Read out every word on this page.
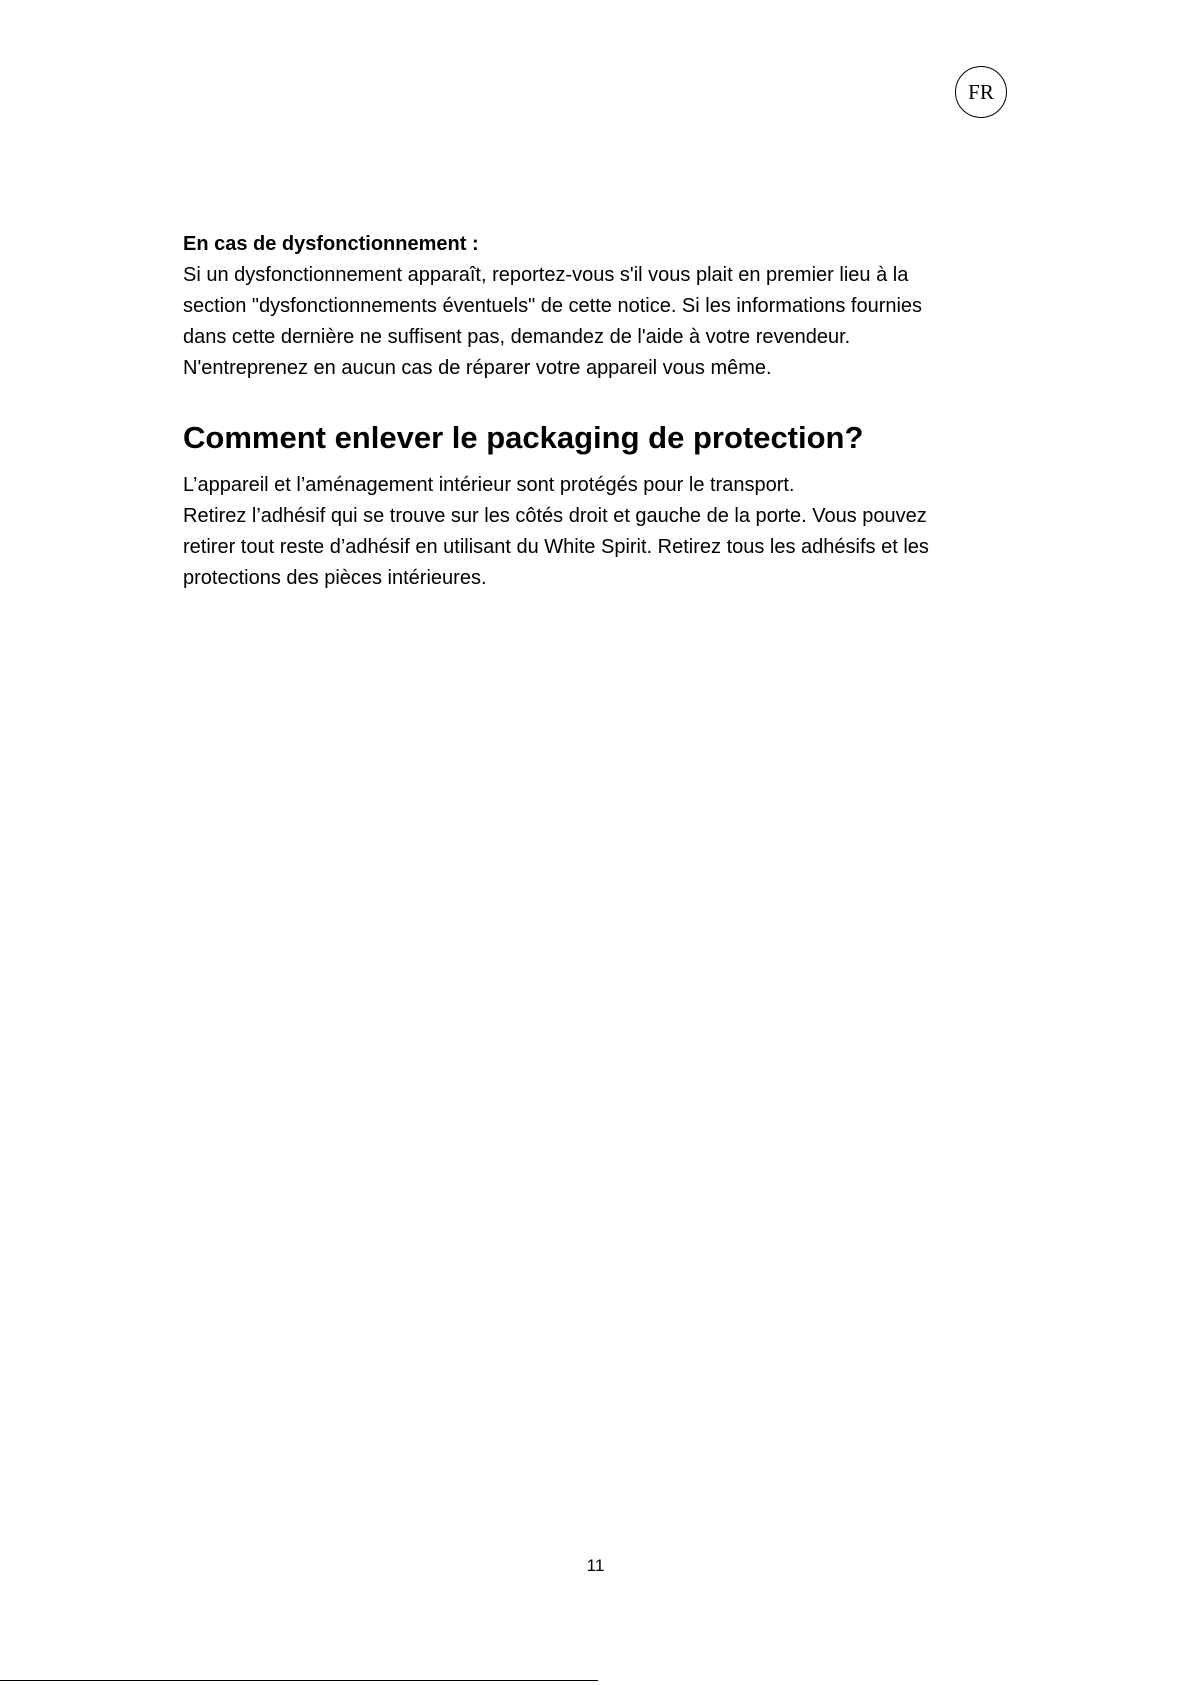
FR

En cas de dysfonctionnement :

Si un dysfonctionnement apparaît, reportez-vous s'il vous plait en premier lieu à la

section "dysfonctionnements éventuels" de cette notice. Si les informations fournies

dans cette dernière ne suffisent pas, demandez de l'aide à votre revendeur.

N'entreprenez en aucun cas de réparer votre appareil vous même.

Comment enlever le packaging de protection?

L’appareil et l’aménagement intérieur sont protégés pour le transport.

Retirez l’adhésif qui se trouve sur les côtés droit et gauche de la porte. Vous pouvez

retirer tout reste d’adhésif en utilisant du White Spirit. Retirez tous les adhésifs et les

protections des pièces intérieures.

11
